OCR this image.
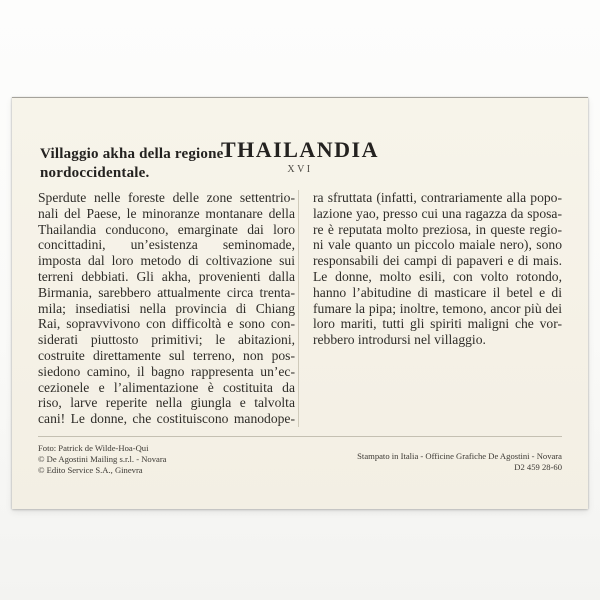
Villaggio akha della regione
nordoccidentale.
THAILANDIA
XVI
Sperdute nelle foreste delle zone settentrio-
nali del Paese, le minoranze montanare della
Thailandia conducono, emarginate dai loro
concittadini, un’esistenza seminomade,
imposta dal loro metodo di coltivazione sui
terreni debbiati. Gli akha, provenienti dalla
Birmania, sarebbero attualmente circa trenta-
mila; insediatisi nella provincia di Chiang
Rai, sopravvivono con difficoltà e sono con-
siderati piuttosto primitivi; le abitazioni,
costruite direttamente sul terreno, non pos-
siedono camino, il bagno rappresenta un’ec-
cezionele e l’alimentazione è costituita da
riso, larve reperite nella giungla e talvolta
cani! Le donne, che costituiscono manodope-
ra sfruttata (infatti, contrariamente alla popo-
lazione yao, presso cui una ragazza da sposa-
re è reputata molto preziosa, in queste regio-
ni vale quanto un piccolo maiale nero), sono
responsabili dei campi di papaveri e di mais.
Le donne, molto esili, con volto rotondo,
hanno l’abitudine di masticare il betel e di
fumare la pipa; inoltre, temono, ancor più dei
loro mariti, tutti gli spiriti maligni che vor-
rebbero introdursi nel villaggio.
Foto: Patrick de Wilde-Hoa-Qui
© De Agostini Mailing s.r.l. - Novara
© Edito Service S.A., Ginevra
Stampato in Italia - Officine Grafiche De Agostini - Novara
D2 459 28-60
